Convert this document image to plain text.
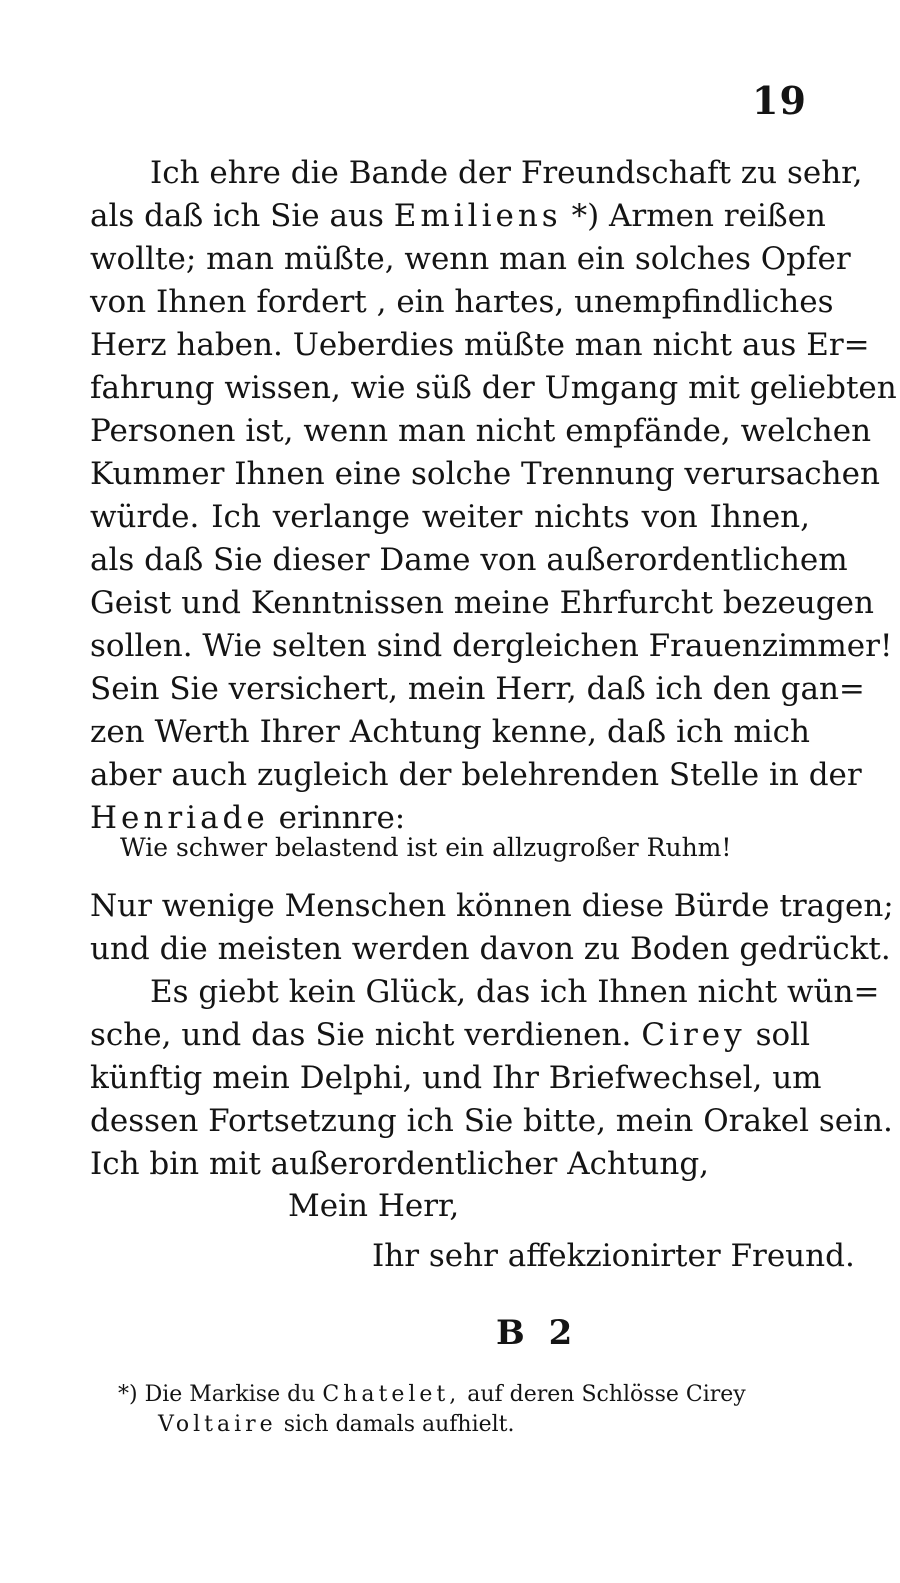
19
Ich ehre die Bande der Freundschaft zu sehr,
als daß ich Sie aus Emiliens *) Armen reißen
wollte; man müßte, wenn man ein solches Opfer
von Ihnen fordert , ein hartes, unempfindliches
Herz haben. Ueberdies müßte man nicht aus Er=
fahrung wissen, wie süß der Umgang mit geliebten
Personen ist, wenn man nicht empfände, welchen
Kummer Ihnen eine solche Trennung verursachen
würde. Ich verlange weiter nichts von Ihnen,
als daß Sie dieser Dame von außerordentlichem
Geist und Kenntnissen meine Ehrfurcht bezeugen
sollen. Wie selten sind dergleichen Frauenzimmer!
Sein Sie versichert, mein Herr, daß ich den gan=
zen Werth Ihrer Achtung kenne, daß ich mich
aber auch zugleich der belehrenden Stelle in der
Henriade erinnre:
Wie schwer belastend ist ein allzugroßer Ruhm!
Nur wenige Menschen können diese Bürde tragen;
und die meisten werden davon zu Boden gedrückt.
Es giebt kein Glück, das ich Ihnen nicht wün=
sche, und das Sie nicht verdienen. Cirey soll
künftig mein Delphi, und Ihr Briefwechsel, um
dessen Fortsetzung ich Sie bitte, mein Orakel sein.
Ich bin mit außerordentlicher Achtung,
Mein Herr,
Ihr sehr affekzionirter Freund.
B 2
*) Die Markise du Chatelet, auf deren Schlösse Cirey
Voltaire sich damals aufhielt.
